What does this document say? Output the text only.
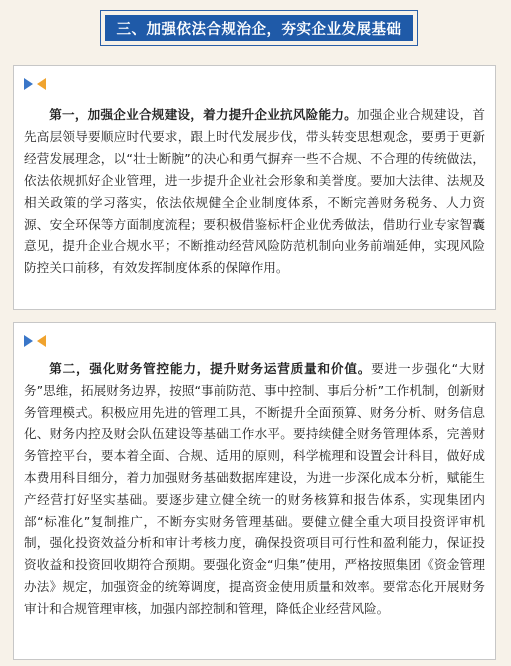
三、加强依法合规治企，夯实企业发展基础

第一，加强企业合规建设，着力提升企业抗风险能力。加强企业合规建设，首先高层领导要顺应时代要求，跟上时代发展步伐，带头转变思想观念，要勇于更新经营发展理念，以“壮士断腕”的决心和勇气摒弃一些不合规、不合理的传统做法，依法依规抓好企业管理，进一步提升企业社会形象和美誉度。要加大法律、法规及相关政策的学习落实，依法依规健全企业制度体系，不断完善财务税务、人力资源、安全环保等方面制度流程；要积极借鉴标杆企业优秀做法，借助行业专家智囊意见，提升企业合规水平；不断推动经营风险防范机制向业务前端延伸，实现风险防控关口前移，有效发挥制度体系的保障作用。

第二，强化财务管控能力，提升财务运营质量和价值。要进一步强化“大财务”思维，拓展财务边界，按照“事前防范、事中控制、事后分析”工作机制，创新财务管理模式。积极应用先进的管理工具，不断提升全面预算、财务分析、财务信息化、财务内控及财会队伍建设等基础工作水平。要持续健全财务管理体系，完善财务管控平台，要本着全面、合规、适用的原则，科学梳理和设置会计科目，做好成本费用科目细分，着力加强财务基础数据库建设，为进一步深化成本分析，赋能生产经营打好坚实基础。要逐步建立健全统一的财务核算和报告体系，实现集团内部“标准化”复制推广，不断夯实财务管理基础。要健立健全重大项目投资评审机制，强化投资效益分析和审计考核力度，确保投资项目可行性和盈利能力，保证投资收益和投资回收期符合预期。要强化资金“归集”使用，严格按照集团《资金管理办法》规定，加强资金的统筹调度，提高资金使用质量和效率。要常态化开展财务审计和合规管理审核，加强内部控制和管理，降低企业经营风险。
